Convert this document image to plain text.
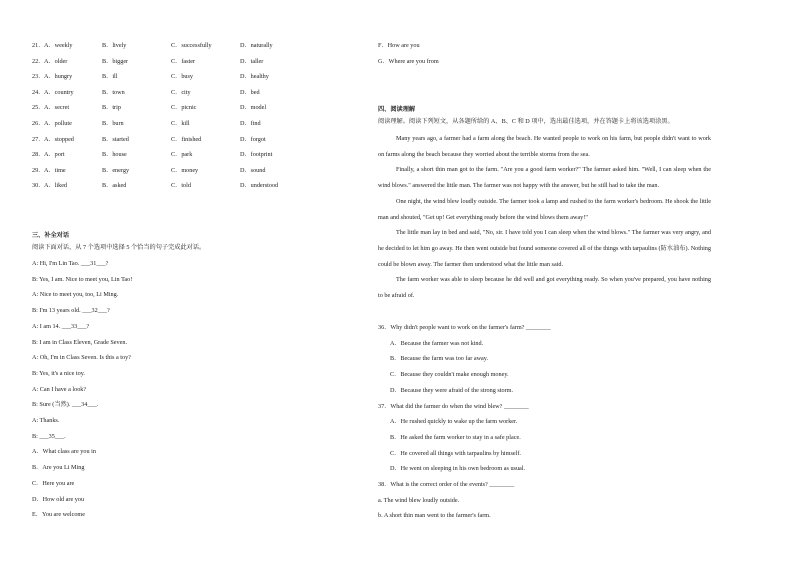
21． A．weekly	B．lively	C．successfully	D．naturally
22． A．older	B．bigger	C．faster	D．taller
23． A．hungry	B．ill	C．busy	D．healthy
24． A．country	B．town	C．city	D．bed
25． A．secret	B．trip	C．picnic	D．model
26． A．pollute	B．burn	C．kill	D．find
27． A．stopped	B．started	C．finished	D．forgot
28． A．port	B．house	C．park	D．footprint
29． A．time	B．energy	C．money	D．sound
30． A．liked	B．asked	C．told	D．understood
三、补全对话
阅读下面对话，从 7 个选项中选择 5 个恰当的句子完成此对话。
A: Hi, I'm Lin Tao. ___31___?
B: Yes, I am. Nice to meet you, Lin Tao!
A: Nice to meet you, too, Li Ming.
B: I'm 13 years old. ___32___?
A: I am 14. ___33___?
B: I am in Class Eleven, Grade Seven.
A: Oh, I'm in Class Seven. Is this a toy?
B: Yes, it's a nice toy.
A: Can I have a look?
B: Sure (当然). ___34___.
A: Thanks.
B: ___35___.
A．What class are you in
B．Are you Li Ming
C．Here you are
D．How old are you
E．You are welcome
F．How are you
G．Where are you from
四、阅读理解
阅读理解。阅读下列短文，从各题所给的 A、B、C 和 D 项中，选出最佳选项，并在答题卡上将该选项涂黑。
Many years ago, a farmer had a farm along the beach. He wanted people to work on his farm, but people didn't want to work on farms along the beach because they worried about the terrible storms from the sea.
Finally, a short thin man got to the farm. "Are you a good farm worker?" The farmer asked him. "Well, I can sleep when the wind blows." answered the little man. The farmer was not happy with the answer, but he still had to take the man.
One night, the wind blew loudly outside. The farmer took a lamp and rushed to the farm worker's bedroom. He shook the little man and shouted, "Get up! Get everything ready before the wind blows them away!"
The little man lay in bed and said, "No, sir. I have told you I can sleep when the wind blows." The farmer was very angry, and he decided to let him go away. He then went outside but found someone covered all of the things with tarpaulins (防水油布). Nothing could be blown away. The farmer then understood what the little man said.
The farm worker was able to sleep because he did well and got everything ready. So when you've prepared, you have nothing to be afraid of.
36．Why didn't people want to work on the farmer's farm? ________
A．Because the farmer was not kind.
B．Because the farm was too far away.
C．Because they couldn't make enough money.
D．Because they were afraid of the strong storm.
37．What did the farmer do when the wind blew? ________
A．He rushed quickly to wake up the farm worker.
B．He asked the farm worker to stay in a safe place.
C．He covered all things with tarpaulins by himself.
D．He went on sleeping in his own bedroom as usual.
38．What is the correct order of the events? ________
a. The wind blew loudly outside.
b. A short thin man went to the farmer's farm.
